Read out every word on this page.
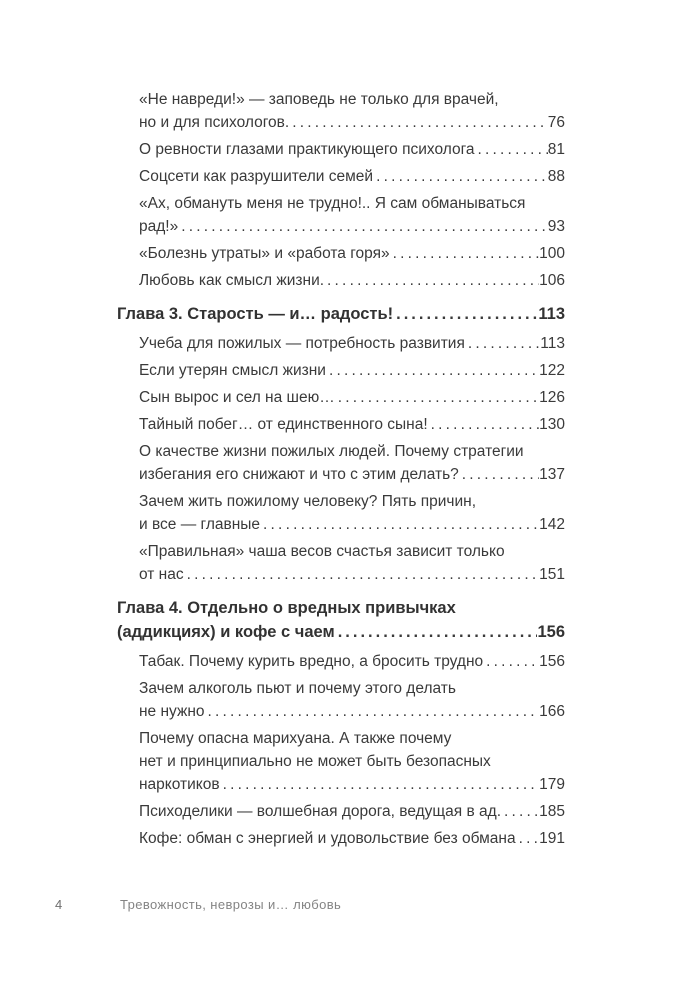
«Не навреди!» — заповедь не только для врачей,
но и для психологов. .....	76
О ревности глазами практикующего психолога .....	81
Соцсети как разрушители семей .....	88
«Ах, обмануть меня не трудно!.. Я сам обманываться
рад!» .....	93
«Болезнь утраты» и «работа горя» .....	100
Любовь как смысл жизни. .....	106
Глава 3. Старость — и… радость! .....	113
Учеба для пожилых — потребность развития .....	113
Если утерян смысл жизни .....	122
Сын вырос и сел на шею… .....	126
Тайный побег… от единственного сына! .....	130
О качестве жизни пожилых людей. Почему стратегии
избегания его снижают и что с этим делать? .....	137
Зачем жить пожилому человеку? Пять причин,
и все — главные .....	142
«Правильная» чаша весов счастья зависит только
от нас .....	151
Глава 4. Отдельно о вредных привычках
(аддикциях) и кофе с чаем .....	156
Табак. Почему курить вредно, а бросить трудно .....	156
Зачем алкоголь пьют и почему этого делать
не нужно .....	166
Почему опасна марихуана. А также почему
нет и принципиально не может быть безопасных
наркотиков .....	179
Психоделики — волшебная дорога, ведущая в ад. ..... 185
Кофе: обман с энергией и удовольствие без обмана ..... 191
4	Тревожность, неврозы и… любовь
